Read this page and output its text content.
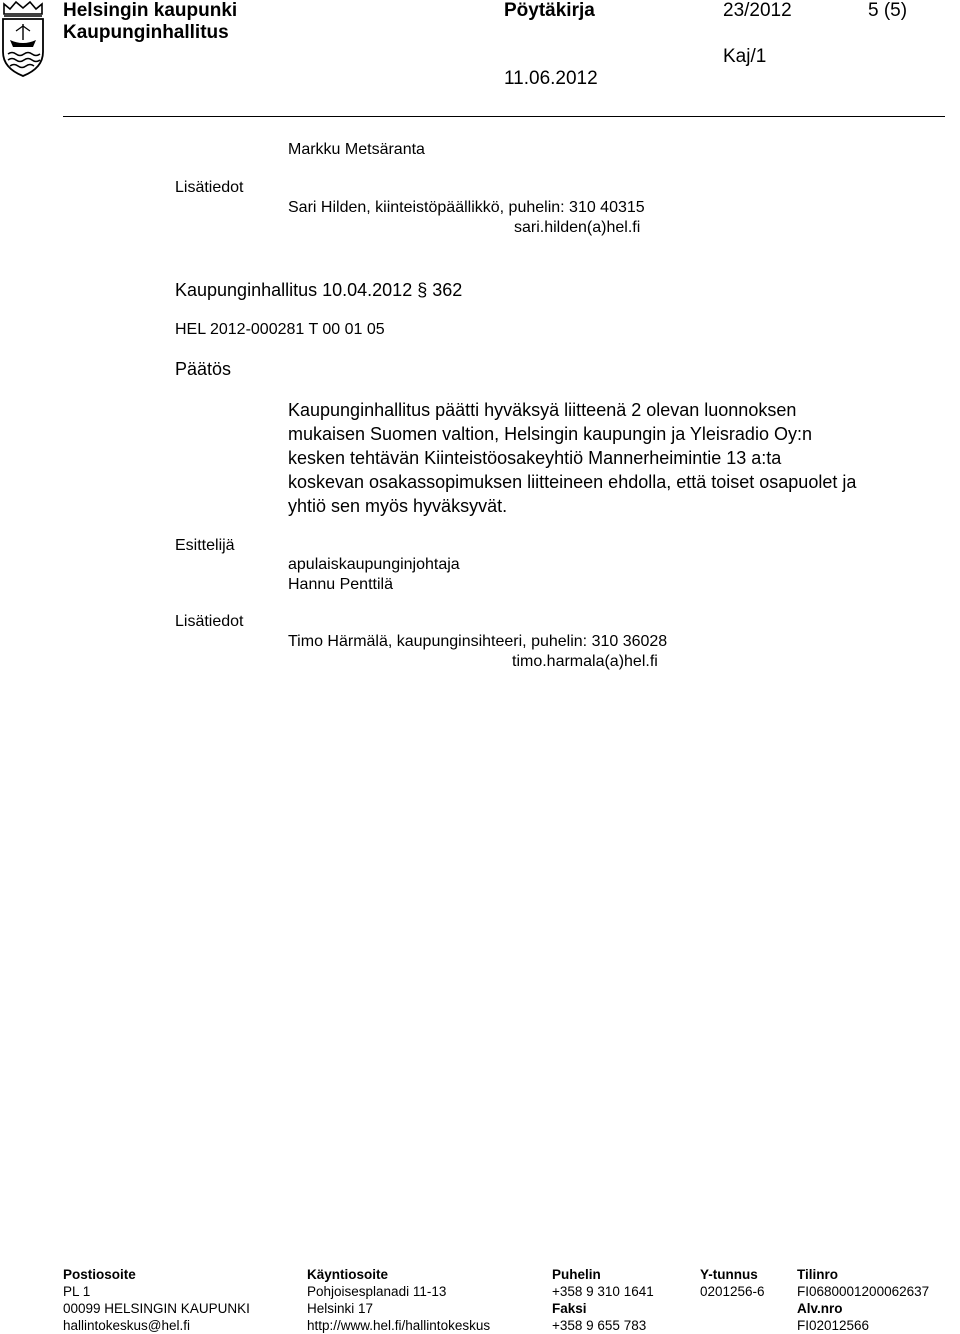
Helsingin kaupunki
Kaupunginhallitus
Pöytäkirja	23/2012	5 (5)
Kaj/1
11.06.2012
Markku Metsäranta
Lisätiedot
Sari Hilden, kiinteistöpäällikkö, puhelin: 310 40315
sari.hilden(a)hel.fi
Kaupunginhallitus 10.04.2012 § 362
HEL 2012-000281 T 00 01 05
Päätös
Kaupunginhallitus päätti hyväksyä liitteenä 2 olevan luonnoksen
mukaisen Suomen valtion, Helsingin kaupungin ja Yleisradio Oy:n
kesken tehtävän Kiinteistöosakeyhtiö Mannerheimintie 13 a:ta
koskevan osakassopimuksen liitteineen ehdolla, että toiset osapuolet ja
yhtiö sen myös hyväksyvät.
Esittelijä
apulaiskaupunginjohtaja
Hannu Penttilä
Lisätiedot
Timo Härmälä, kaupunginsihteeri, puhelin: 310 36028
timo.harmala(a)hel.fi
Postiosoite
PL 1
00099 HELSINGIN KAUPUNKI
hallintokeskus@hel.fi
Käyntiosoite
Pohjoisesplanadi 11-13
Helsinki 17
http://www.hel.fi/hallintokeskus
Puhelin
+358 9 310 1641
Faksi
+358 9 655 783
Y-tunnus
0201256-6
Tilinro
FI0680001200062637
Alv.nro
FI02012566
